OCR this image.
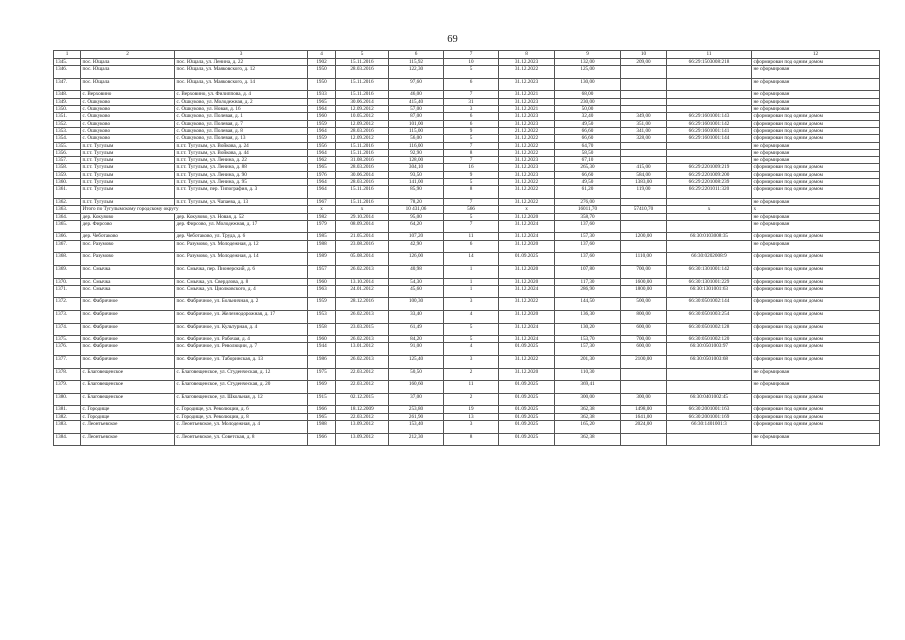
69
1	2	3	4	5	6	7	8	9	10	11	12
1345.	пос. Ющала	пос. Ющала, ул. Ленина, д. 22	1902	15.11.2016	115,92	10	31.12.2023	132,00	209,00	66:29:1503008:218	сформирован под одним домом
1346.	пос. Ющала	пос. Ющала, ул. Маяковского, д. 12	1950	28.03.2016	122,30	5	31.12.2022	125,00			не сформирован
1347.	пос. Ющала	пос. Ющала, ул. Маяковского, д. 14	1950	15.11.2016	97,60	6	31.12.2023	130,00			не сформирован
1348.	с. Верховино	с. Верховино, ул. Филиппова, д. 4	1933	15.11.2016	46,00	7	31.12.2021	68,00			не сформирован
1349.	с. Ошкуково	с. Ошкуково, ул. Молодежная, д. 2	1965	30.06.2014	415,40	31	31.12.2023	230,00			не сформирован
1350.	с. Ошкуково	с. Ошкуково, ул. Новая, д. 16	1964	12.09.2012	57,00	3	31.12.2021	50,00			не сформирован
1351.	с. Ошкуково	с. Ошкуково, ул. Полевая, д. 1	1960	10.05.2012	87,00	6	31.12.2023	32,40	349,00	66:29:1601001:143	сформирован под одним домом
1352.	с. Ошкуково	с. Ошкуково, ул. Полевая, д. 7	1959	12.09.2012	101,00	6	31.12.2023	49,50	351,00	66:29:1601001:142	сформирован под одним домом
1353.	с. Ошкуково	с. Ошкуково, ул. Полевая, д. 8	1964	28.03.2016	115,00	9	21.12.2022	66,60	341,00	66:29:1601001:141	сформирован под одним домом
1354.	с. Ошкуково	с. Ошкуково, ул. Полевая, д. 13	1959	12.09.2012	56,00	5	31.12.2022	66,60	328,00	66:29:1601001:144	сформирован под одним домом
1355.	п.г.т. Тугулым	п.г.т. Тугулым, ул. Войкова, д. 24	1956	15.11.2016	116,00	7	31.12.2022	64,70			не сформирован
1356.	п.г.т. Тугулым	п.г.т. Тугулым, ул. Войкова, д. 44	1964	15.11.2016	92,90	8	31.12.2022	58,50			не сформирован
1357.	п.г.т. Тугулым	п.г.т. Тугулым, ул. Ленина, д. 22	1962	31.08.2016	128,00	7	31.12.2023	67,10			не сформирован
1358.	п.г.т. Тугулым	п.г.т. Тугулым, ул. Ленина, д. 88	1965	28.03.2016	304,10	16	31.12.2023	265,30	415,00	66:29:2201009:219	сформирован под одним домом
1359.	п.г.т. Тугулым	п.г.т. Тугулым, ул. Ленина, д. 90	1976	30.06.2014	93,50	9	31.12.2023	66,60	584,00	66:29:2201009:200	сформирован под одним домом
1360.	п.г.т. Тугулым	п.г.т. Тугулым, ул. Ленина, д. 95	1964	28.03.2016	141,00	5	31.12.2022	49,50	1383,00	66:29:2201008:239	сформирован под одним домом
1361.	п.г.т. Тугулым	п.г.т. Тугулым, пер. Типография, д. 3	1964	15.11.2016	85,90	8	31.12.2022	61,20	119,00	66:29:2201011:320	сформирован под одним домом
1362.	п.г.т. Тугулым	п.г.т. Тугулым, ул. Чапаева, д. 13	1967	15.11.2016	78,20	7	31.12.2022	276,00			не сформирован
1363.	Итого по Тугулымскому городскому округу		х	х	10 431,06	566	х	16011,70	57410,70	х	х
1364.	дер. Кокуяово	дер. Кокуяово, ул. Новая, д. 52	1982	29.10.2014	95,00	5	31.12.2020	358,70			не сформирован
1365.	дер. Фирсово	дер. Фирсово, ул. Молодежная, д. 17	1979	08.09.2014	64,20	7	31.12.2024	137,60			не сформирован
1366.	дер. Чеботаково	дер. Чеботаково, ул. Труда, д. 6	1985	21.05.2014	107,20	11	31.12.2024	157,30	1200,00	66:30:0103008:35	сформирован под одним домом
1367.	пос. Разумово	пос. Разумово, ул. Молодежная, д. 12	1988	23.08.2016	42,90	6	31.12.2020	137,60			не сформирован
1368.	пос. Разумово	пос. Разумово, ул. Молодежная, д. 14	1989	05.08.2014	126,00	14	01.09.2025	137,60	1110,00	66:30:0202008:9	сформирован под одним домом
1369.	пос. Смычка	пос. Смычка, пер. Пионерский, д. 6	1957	26.02.2013	40,98	1	31.12.2020	107,80	700,00	66:30:1301001:142	сформирован под одним домом
1370.	пос. Смычка	пос. Смычка, ул. Свердлова, д. 8	1960	13.10.2014	54,30	1	31.12.2020	117,30	1600,00	66:30:1301001:229	сформирован под одним домом
1371.	пос. Смычка	пос. Смычка, ул. Циолковского, д. 4	1963	24.01.2012	45,60	1	31.12.2024	286,90	1800,00	66:30:1301001:63	сформирован под одним домом
1372.	пос. Фабричное	пос. Фабричное, ул. Больничная, д. 2	1959	28.12.2016	100,30	3	31.12.2022	144,50	500,00	66:30:0501002:144	сформирован под одним домом
1373.	пос. Фабричное	пос. Фабричное, ул. Железнодорожная, д. 17	1953	26.02.2013	33,40	4	31.12.2020	136,30	800,00	66:30:0501003:254	сформирован под одним домом
1374.	пос. Фабричное	пос. Фабричное, ул. Культурная, д. 4	1958	23.03.2015	61,49	5	31.12.2024	130,20	600,00	66:30:0501002:128	сформирован под одним домом
1375.	пос. Фабричное	пос. Фабричное, ул. Рабочая, д. 4	1960	26.02.2013	84,20	5	31.12.2024	153,70	700,00	66:30:0501002:120	сформирован под одним домом
1376.	пос. Фабричное	пос. Фабричное, ул. Революции, д. 7	1944	13.01.2012	91,00	4	01.09.2025	157,30	600,00	66:30:0501003:97	сформирован под одним домом
1377.	пос. Фабричное	пос. Фабричное, ул. Таборинская, д. 13	1986	26.02.2013	125,40	3	31.12.2022	201,30	2100,00	66:30:0501003:68	сформирован под одним домом
1378.	с. Благовещенское	с. Благовещенское, ул. Студенческая, д. 12	1975	22.03.2012	50,50	2	31.12.2020	110,30			не сформирован
1379.	с. Благовещенское	с. Благовещенское, ул. Студенческая, д. 20	1969	22.03.2012	160,60	11	01.09.2025	369,41			не сформирован
1380.	с. Благовещенское	с. Благовещенское, ул. Школьная, д. 12	1915	02.12.2015	37,00	2	01.09.2025	300,00	300,00	66:30:0401002:45	сформирован под одним домом
1381.	с. Городище	с. Городище, ул. Революции, д. 6	1966	18.12.2009	253,80	19	01.09.2025	362,38	1498,00	66:30:2001001:163	сформирован под одним домом
1382.	с. Городище	с. Городище, ул. Революции, д. 8	1965	22.03.2012	261,90	13	01.09.2025	362,38	1641,00	66:30:2001001:169	сформирован под одним домом
1383.	с. Леонтьевское	с. Леонтьевское, ул. Молодежная, д. 4	1988	13.09.2012	153,40	3	01.09.2025	165,20	2024,00	66:30:1401001:3	сформирован под одним домом
1384.	с. Леонтьевское	с. Леонтьевское, ул. Советская, д. 8	1966	13.09.2012	212,30	8	01.09.2025	362,38			не сформирован
